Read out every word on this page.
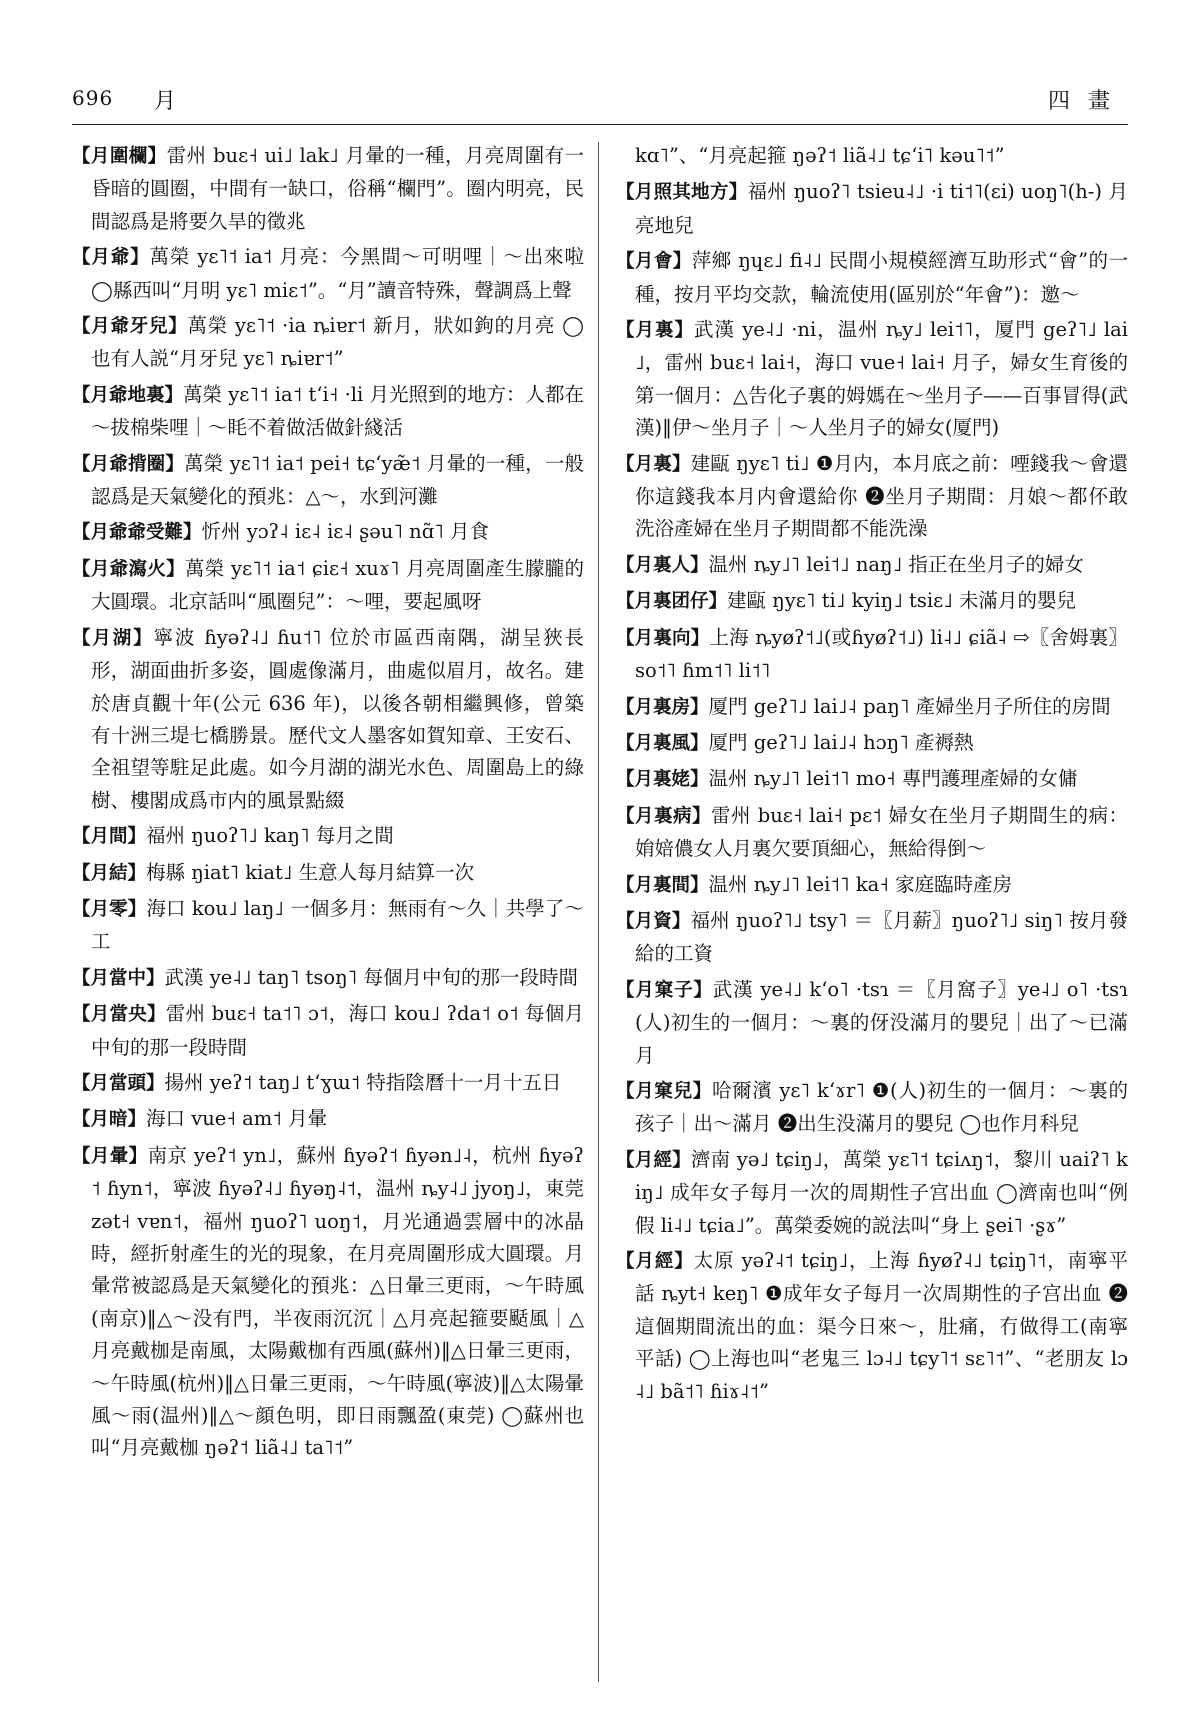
696 月	四畫

【月圍欄】雷州 buɛ˧ ui˩ lak˩ 月暈的一種，月亮周圍有一昏暗的圓圈，中間有一缺口，俗稱“欄門”。圈内明亮，民間認爲是將要久旱的徵兆

【月爺】萬榮 yɛ˥˦ ia˦ 月亮：今黑間～可明哩｜～出來啦 ◯縣西叫“月明 yɛ˥ miɛ˦”。“月”讀音特殊，聲調爲上聲

【月爺牙兒】萬榮 yɛ˥˦ ·ia ȵiɐr˦ 新月，狀如鉤的月亮 ◯也有人説“月牙兒 yɛ˥ ȵiɐr˦”

【月爺地裏】萬榮 yɛ˥˦ ia˦ tʻi˧ ·li 月光照到的地方：人都在～拔棉柴哩｜～眊不着做活做針綫活

【月爺揹圈】萬榮 yɛ˥˦ ia˦ pei˧ tɕʻyæ̃˦ 月暈的一種，一般認爲是天氣變化的預兆：△～，水到河灘

【月爺爺受難】忻州 yɔʔ˨ iɛ˨ iɛ˨ ʂəu˥ nɑ̃˥ 月食

【月爺瀉火】萬榮 yɛ˥˦ ia˦ ɕiɛ˧ xuɤ˥ 月亮周圍產生朦朧的大圓環。北京話叫“風圈兒”：～哩，要起風呀

【月湖】寧波 ɦyəʔ˨˩ ɦu˦˥ 位於市區西南隅，湖呈狹長形，湖面曲折多姿，圓處像滿月，曲處似眉月，故名。建於唐貞觀十年(公元 636 年)，以後各朝相繼興修，曾築有十洲三堤七橋勝景。歷代文人墨客如賀知章、王安石、全祖望等駐足此處。如今月湖的湖光水色、周圍島上的綠樹、樓閣成爲市内的風景點綴

【月間】福州 ŋuoʔ˥˩ kaŋ˥ 每月之間

【月結】梅縣 ŋiat˥ kiat˩ 生意人每月結算一次

【月零】海口 kou˩ laŋ˩ 一個多月：無雨有～久｜共學了～工

【月當中】武漢 ye˨˩ taŋ˥ tsoŋ˥ 每個月中旬的那一段時間

【月當央】雷州 buɛ˧ ta˦˥ ɔ˦，海口 kou˩ ʔda˦ o˦ 每個月中旬的那一段時間

【月當頭】揚州 yeʔ˦ taŋ˩ tʻɣɯ˦ 特指陰曆十一月十五日

【月暗】海口 vue˧ am˦ 月暈

【月暈】南京 yeʔ˦ yn˩，蘇州 ɦyəʔ˦ ɦyən˩˨，杭州 ɦyəʔ˦ ɦyn˦，寧波 ɦyəʔ˨˩ ɦyəŋ˨˦，温州 ȵy˨˩ jyoŋ˩，東莞 zət˧ vɐn˦，福州 ŋuoʔ˥ uoŋ˦，月光通過雲層中的冰晶時，經折射產生的光的現象，在月亮周圍形成大圓環。月暈常被認爲是天氣變化的預兆：△日暈三更雨，～午時風(南京)‖△～没有門，半夜雨沉沉｜△月亮起箍要颳風｜△月亮戴枷是南風，太陽戴枷有西風(蘇州)‖△日暈三更雨，～午時風(杭州)‖△日暈三更雨，～午時風(寧波)‖△太陽暈風～雨(温州)‖△～顔色明，即日雨飄盈(東莞) ◯蘇州也叫“月亮戴枷 ŋəʔ˦ liã˨˩ ta˥˦”

kɑ˥”、“月亮起箍 ŋəʔ˦ liã˨˩ tɕʻi˥ kəu˥˦”

【月照其地方】福州 ŋuoʔ˥ tsieu˨˩ ·i ti˦˥(ɛi) uoŋ˥(h-) 月亮地兒

【月會】萍鄉 ŋɥɛ˩ fi˨˩ 民間小規模經濟互助形式“會”的一種，按月平均交款，輪流使用(區别於“年會”)：邀～

【月裏】武漢 ye˨˩ ·ni，温州 ȵy˩ lei˦˥，厦門 geʔ˥˩ lai˩，雷州 buɛ˧ lai˧，海口 vue˧ lai˧ 月子，婦女生育後的第一個月：△告化子裏的姆媽在～坐月子——百事冒得(武漢)‖伊～坐月子｜～人坐月子的婦女(厦門)

【月裏】建甌 ŋyɛ˥ ti˩ ❶月内，本月底之前：㖶錢我～會還你這錢我本月内會還給你 ❷坐月子期間：月娘～都伓敢洗浴產婦在坐月子期間都不能洗澡

【月裏人】温州 ȵy˩˥ lei˦˩ naŋ˩ 指正在坐月子的婦女

【月裏团仔】建甌 ŋyɛ˥ ti˩ kyiŋ˩ tsiɛ˩ 未滿月的嬰兒

【月裏向】上海 ȵyøʔ˦˩(或ɦyøʔ˦˩) li˨˩ ɕiã˨ ⇨〖舍姆裏〗so˦˥ ɦm˦˥ li˦˥

【月裏房】厦門 geʔ˥˩ lai˩˨ paŋ˥ 產婦坐月子所住的房間

【月裏風】厦門 geʔ˥˩ lai˩˨ hɔŋ˥ 產褥熱

【月裏姥】温州 ȵy˩˥ lei˦˥ mo˧ 專門護理產婦的女傭

【月裏病】雷州 buɛ˧ lai˧ pɛ˦ 婦女在坐月子期間生的病：姢婄儂女人月裏欠要頂細心，無給得倒～

【月裏間】温州 ȵy˩˥ lei˦˥ ka˧ 家庭臨時產房

【月資】福州 ŋuoʔ˥˩ tsy˥ ＝〖月薪〗ŋuoʔ˥˩ siŋ˥ 按月發給的工資

【月窠子】武漢 ye˨˩ kʻo˥ ·tsɿ ＝〖月窩子〗ye˨˩ o˥ ·tsɿ (人)初生的一個月：～裏的伢没滿月的嬰兒｜出了～已滿月

【月窠兒】哈爾濱 yɛ˥ kʻɤr˥ ❶(人)初生的一個月：～裏的孩子｜出～滿月 ❷出生没滿月的嬰兒 ◯也作月科兒

【月經】濟南 yə˩ tɕiŋ˩，萬榮 yɛ˥˦ tɕiʌŋ˦，黎川 uaiʔ˥ kiŋ˩ 成年女子每月一次的周期性子宫出血 ◯濟南也叫“例假 li˨˩ tɕia˩”。萬榮委婉的説法叫“身上 ʂei˥ ·ʂɤ”

【月經】太原 yəʔ˨˦ tɕiŋ˩，上海 ɦyøʔ˨˩ tɕiŋ˥˦，南寧平話 ȵyt˧ keŋ˥ ❶成年女子每月一次周期性的子宫出血 ❷這個期間流出的血：渠今日來～，肚痛，冇做得工(南寧平話) ◯上海也叫“老鬼三 lɔ˨˩ tɕy˥˦ sɛ˥˦”、“老朋友 lɔ˨˩ bã˦˥ ɦiɤ˨˦”
